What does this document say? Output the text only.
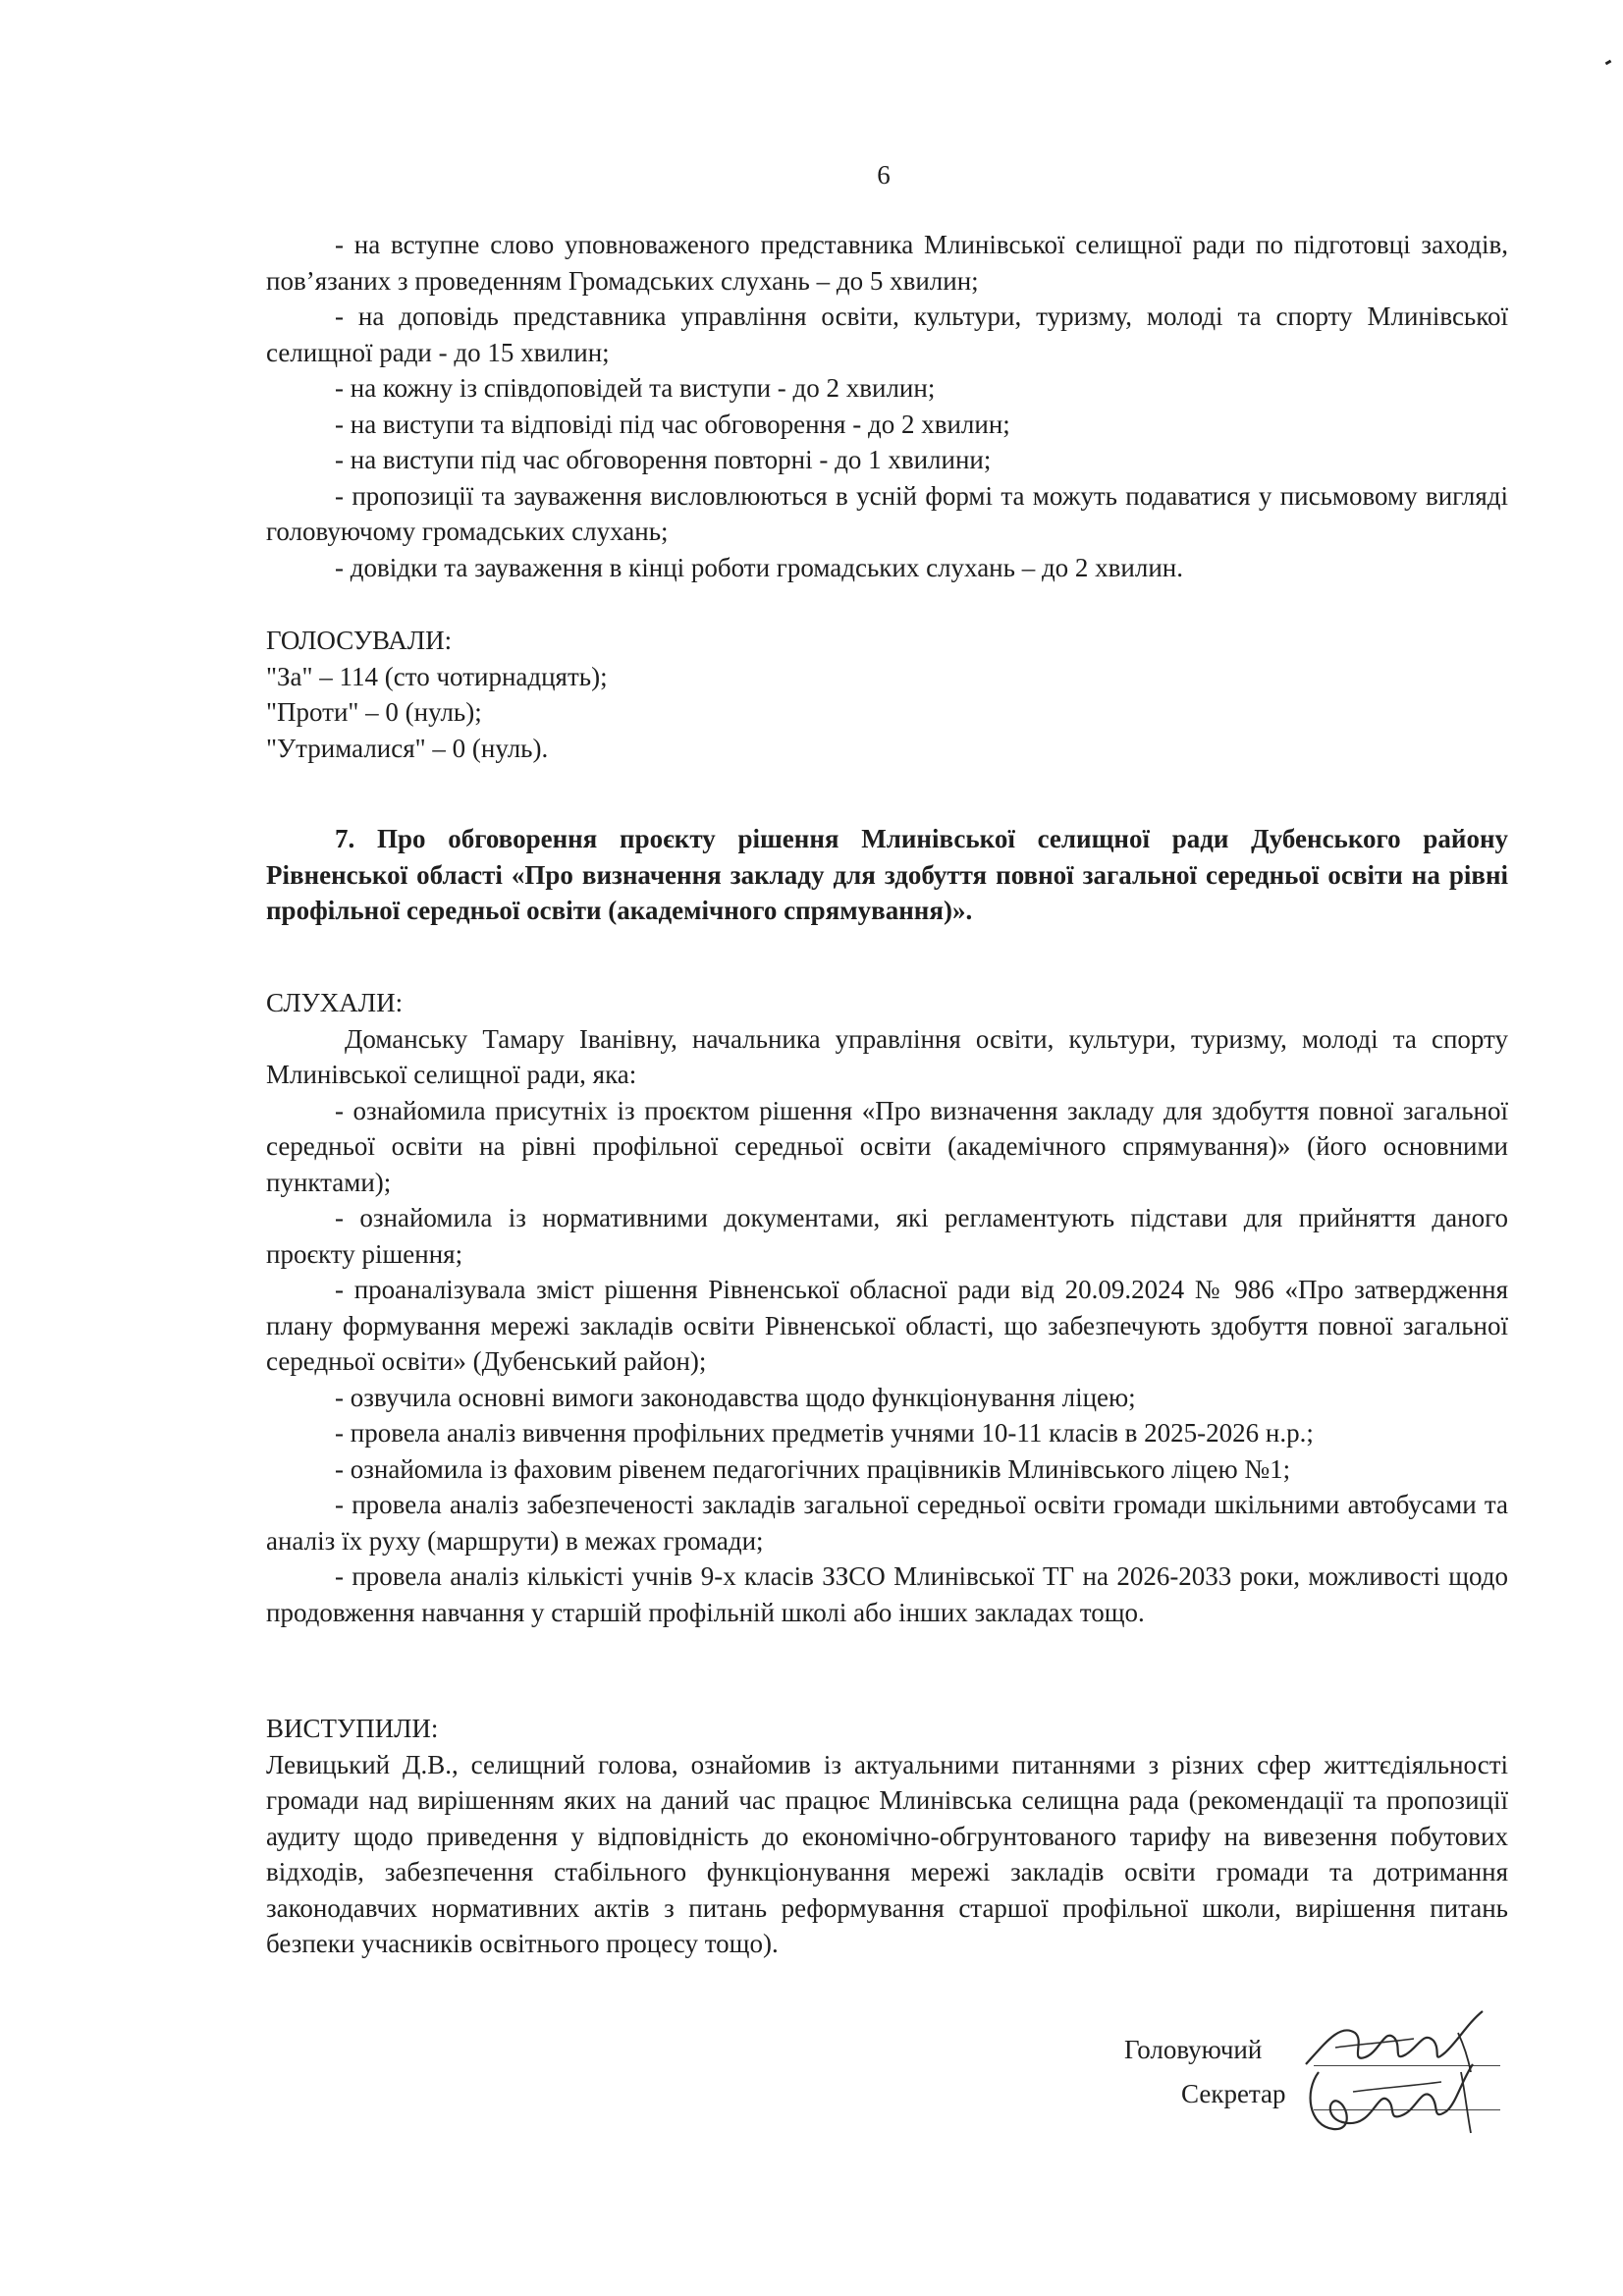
6

- на вступне слово уповноваженого представника Млинівської селищної ради по підготовці заходів, пов’язаних з проведенням Громадських слухань – до 5 хвилин;

- на доповідь представника управління освіти, культури, туризму, молоді та спорту Млинівської селищної ради - до 15 хвилин;

- на кожну із співдоповідей та виступи - до 2 хвилин;

- на виступи та відповіді під час обговорення - до 2 хвилин;

- на виступи під час обговорення повторні - до 1 хвилини;

- пропозиції та зауваження висловлюються в усній формі та можуть подаватися у письмовому вигляді головуючому громадських слухань;

- довідки та зауваження в кінці роботи громадських слухань – до 2 хвилин.

ГОЛОСУВАЛИ:

"За" – 114 (сто чотирнадцять);

"Проти" – 0 (нуль);

"Утрималися" – 0 (нуль).

7. Про обговорення проєкту рішення Млинівської селищної ради Дубенського району Рівненської області «Про визначення закладу для здобуття повної загальної середньої освіти на рівні профільної середньої освіти (академічного спрямування)».

СЛУХАЛИ:

Доманську Тамару Іванівну, начальника управління освіти, культури, туризму, молоді та спорту Млинівської селищної ради, яка:

- ознайомила присутніх із проєктом рішення «Про визначення закладу для здобуття повної загальної середньої освіти на рівні профільної середньої освіти (академічного спрямування)» (його основними пунктами);

- ознайомила із нормативними документами, які регламентують підстави для прийняття даного проєкту рішення;

- проаналізувала зміст рішення Рівненської обласної ради від 20.09.2024 № 986 «Про затвердження плану формування мережі закладів освіти Рівненської області, що забезпечують здобуття повної загальної середньої освіти» (Дубенський район);

- озвучила основні вимоги законодавства щодо функціонування ліцею;

- провела аналіз вивчення профільних предметів учнями 10-11 класів в 2025-2026 н.р.;

- ознайомила із фаховим рівенем педагогічних працівників Млинівського ліцею №1;

- провела аналіз забезпеченості закладів загальної середньої освіти громади шкільними автобусами та аналіз їх руху (маршрути) в межах громади;

- провела аналіз кількісті учнів 9-х класів ЗЗСО Млинівської ТГ на 2026-2033 роки, можливості щодо продовження навчання у старшій профільній школі або інших закладах тощо.

ВИСТУПИЛИ:

Левицький Д.В., селищний голова, ознайомив із актуальними питаннями з різних сфер життєдіяльності громади над вирішенням яких на даний час працює Млинівська селищна рада (рекомендації та пропозиції аудиту щодо приведення у відповідність до економічно-обгрунтованого тарифу на вивезення побутових відходів, забезпечення стабільного функціонування мережі закладів освіти громади та дотримання законодавчих нормативних актів з питань реформування старшої профільної школи, вирішення питань безпеки учасників освітнього процесу тощо).

Головуючий
Секретар
